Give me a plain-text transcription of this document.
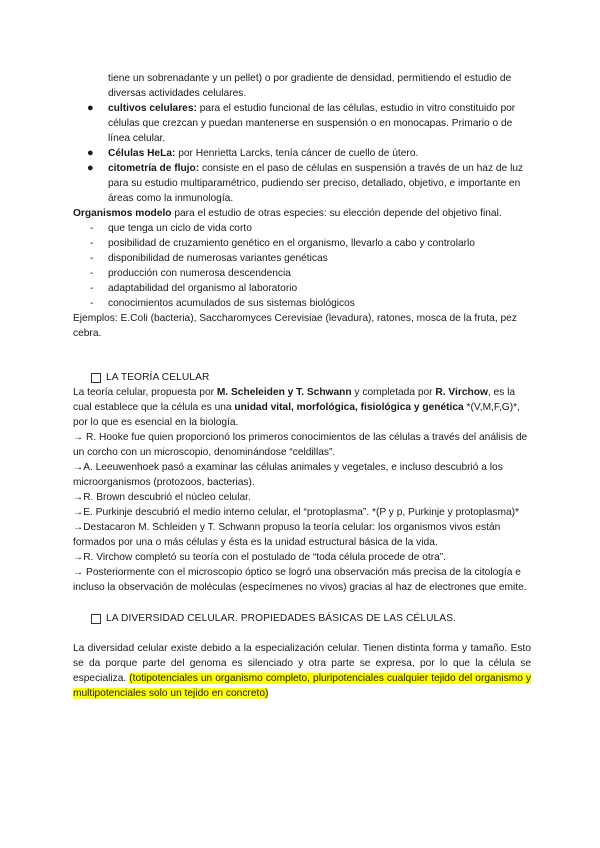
tiene un sobrenadante y un pellet) o por gradiente de densidad, permitiendo el estudio de diversas actividades celulares.

● cultivos celulares: para el estudio funcional de las células, estudio in vitro constituido por células que crezcan y puedan mantenerse en suspensión o en monocapas. Primario o de línea celular.
● Células HeLa: por Henrietta Larcks, tenía cáncer de cuello de útero.
● citometría de flujo: consiste en el paso de células en suspensión a través de un haz de luz para su estudio multiparamétrico, pudiendo ser preciso, detallado, objetivo, e importante en áreas como la inmunología.

Organismos modelo para el estudio de otras especies: su elección depende del objetivo final.

- que tenga un ciclo de vida corto
- posibilidad de cruzamiento genético en el organismo, llevarlo a cabo y controlarlo
- disponibilidad de numerosas variantes genéticas
- producción con numerosa descendencia
- adaptabilidad del organismo al laboratorio
- conocimientos acumulados de sus sistemas biológicos

Ejemplos: E.Coli (bacteria), Saccharomyces Cerevisiae (levadura), ratones, mosca de la fruta, pez cebra.

LA TEORÍA CELULAR

La teoría celular, propuesta por M. Scheleiden y T. Schwann y completada por R. Virchow, es la cual establece que la célula es una unidad vital, morfológica, fisiológica y genética *(V,M,F,G)*, por lo que es esencial en la biología.

→ R. Hooke fue quien proporcionó los primeros conocimientos de las células a través del análisis de un corcho con un microscopio, denominándose “celdillas”.

→A. Leeuwenhoek pasó a examinar las células animales y vegetales, e incluso descubrió a los microorganismos (protozoos, bacterias).

→R. Brown descubrió el núcleo celular.

→E. Purkinje descubrió el medio interno celular, el “protoplasma”. *(P y p, Purkinje y protoplasma)*

→Destacaron M. Schleiden y T. Schwann propuso la teoría celular: los organismos vivos están formados por una o más células y ésta es la unidad estructural básica de la vida.

→R. Virchow completó su teoría con el postulado de “toda célula procede de otra”.

→ Posteriormente con el microscopio óptico se logró una observación más precisa de la citología e incluso la observación de moléculas (especímenes no vivos) gracias al haz de electrones que emite.

LA DIVERSIDAD CELULAR. PROPIEDADES BÁSICAS DE LAS CÉLULAS.

La diversidad celular existe debido a la especialización celular. Tienen distinta forma y tamaño. Esto se da porque parte del genoma es silenciado y otra parte se expresa, por lo que la célula se especializa. (totipotenciales un organismo completo, pluripotenciales cualquier tejido del organismo y multipotenciales solo un tejido en concreto)
